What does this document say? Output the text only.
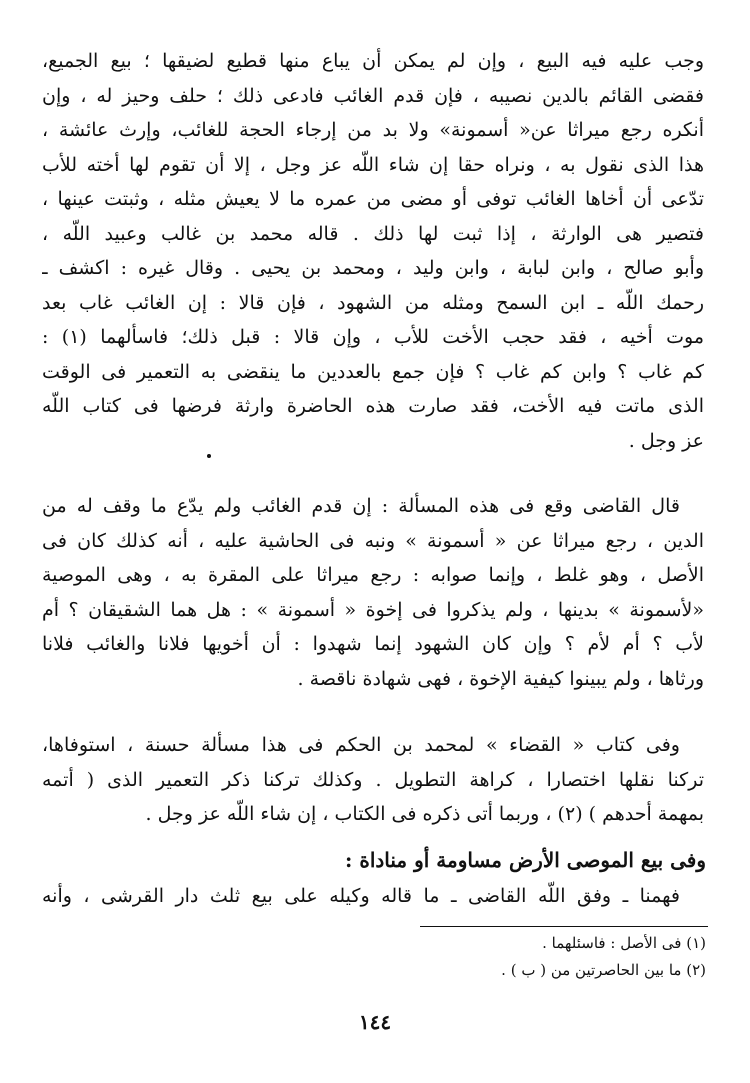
وجب عليه فيه البيع ، وإن لم يمكن أن يباع منها قطيع لضيقها ؛ بيع الجميع،
فقضى القائم بالدين نصيبه ، فإن قدم الغائب فادعى ذلك ؛ حلف وحيز له ، وإن
أنكره رجع ميراثا عن« أسمونة» ولا بد من إرجاء الحجة للغائب، وإرث عائشة ،
هذا الذى نقول به ، ونراه حقا إن شاء اللّه عز وجل ، إلا أن تقوم لها أخته للأب
تدّعى أن أخاها الغائب توفى أو مضى من عمره ما لا يعيش مثله ، وثبتت عينها ،
فتصير هى الوارثة ، إذا ثبت لها ذلك . قاله محمد بن غالب وعبيد اللّه ،
وأبو صالح ، وابن لبابة ، وابن وليد ، ومحمد بن يحيى . وقال غيره : اكشف ـ
رحمك اللّه ـ ابن السمح ومثله من الشهود ، فإن قالا : إن الغائب غاب بعد
موت أخيه ، فقد حجب الأخت للأب ، وإن قالا : قبل ذلك؛ فاسألهما (١) :
كم غاب ؟ وابن كم غاب ؟ فإن جمع بالعددين ما ينقضى به التعمير فى الوقت
الذى ماتت فيه الأخت، فقد صارت هذه الحاضرة وارثة فرضها فى كتاب اللّه
عز وجل .
قال القاضى وقع فى هذه المسألة : إن قدم الغائب ولم يدّع ما وقف له من
الدين ، رجع ميراثا عن « أسمونة » ونبه فى الحاشية عليه ، أنه كذلك كان فى
الأصل ، وهو غلط ، وإنما صوابه : رجع ميراثا على المقرة به ، وهى الموصية
«لأسمونة » بدينها ، ولم يذكروا فى إخوة « أسمونة » : هل هما الشقيقان ؟ أم
لأب ؟ أم لأم ؟ وإن كان الشهود إنما شهدوا : أن أخويها فلانا والغائب فلانا
ورثاها ، ولم يبينوا كيفية الإخوة ، فهى شهادة ناقصة .
وفى كتاب « القضاء » لمحمد بن الحكم فى هذا مسألة حسنة ، استوفاها،
تركنا نقلها اختصارا ، كراهة التطويل . وكذلك تركنا ذكر التعمير الذى ( أتمه
بمهمة أحدهم ) (٢) ، وربما أتى ذكره فى الكتاب ، إن شاء اللّه عز وجل .
وفى بيع الموصى الأرض مساومة أو مناداة :
فهمنا ـ وفق اللّه القاضى ـ ما قاله وكيله على بيع ثلث دار القرشى ، وأنه
(١) فى الأصل : فاسئلهما .
(٢) ما بين الحاصرتين من ( ب ) .
١٤٤
